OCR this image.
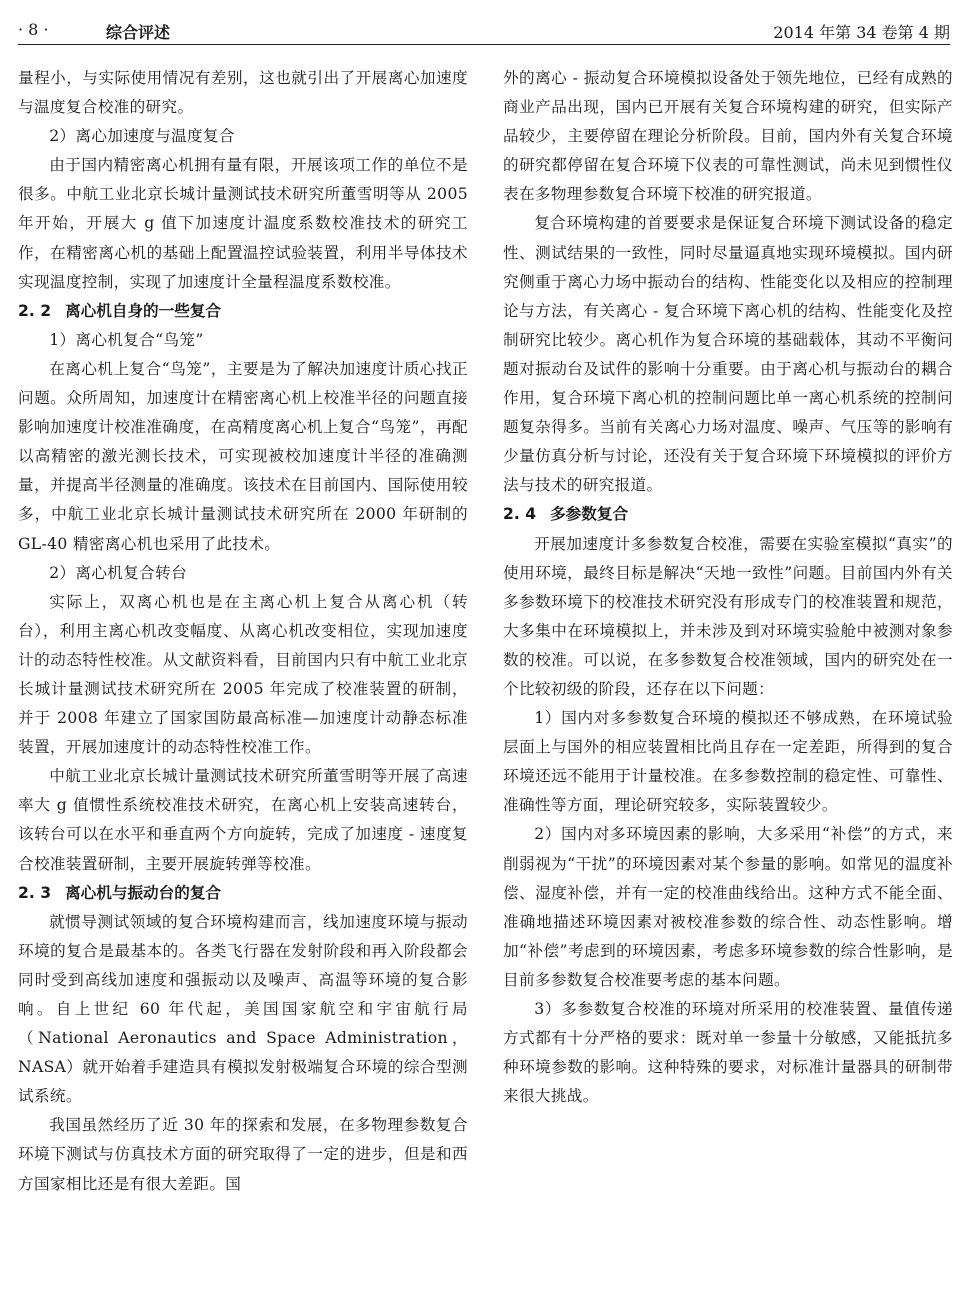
· 8 ·	综合评述	2014 年第 34 卷第 4 期

量程小，与实际使用情况有差别，这也就引出了开展离心加速度与温度复合校准的研究。

2）离心加速度与温度复合

由于国内精密离心机拥有量有限，开展该项工作的单位不是很多。中航工业北京长城计量测试技术研究所董雪明等从 2005 年开始，开展大 g 值下加速度计温度系数校准技术的研究工作，在精密离心机的基础上配置温控试验装置，利用半导体技术实现温度控制，实现了加速度计全量程温度系数校准。

2. 2 离心机自身的一些复合

1）离心机复合“鸟笼”

在离心机上复合“鸟笼”，主要是为了解决加速度计质心找正问题。众所周知，加速度计在精密离心机上校准半径的问题直接影响加速度计校准准确度，在高精度离心机上复合“鸟笼”，再配以高精密的激光测长技术，可实现被校加速度计半径的准确测量，并提高半径测量的准确度。该技术在目前国内、国际使用较多，中航工业北京长城计量测试技术研究所在 2000 年研制的 GL-40 精密离心机也采用了此技术。

2）离心机复合转台

实际上，双离心机也是在主离心机上复合从离心机（转台），利用主离心机改变幅度、从离心机改变相位，实现加速度计的动态特性校准。从文献资料看，目前国内只有中航工业北京长城计量测试技术研究所在 2005 年完成了校准装置的研制，并于 2008 年建立了国家国防最高标准—加速度计动静态标准装置，开展加速度计的动态特性校准工作。

中航工业北京长城计量测试技术研究所董雪明等开展了高速率大 g 值惯性系统校准技术研究，在离心机上安装高速转台，该转台可以在水平和垂直两个方向旋转，完成了加速度 - 速度复合校准装置研制，主要开展旋转弹等校准。

2. 3 离心机与振动台的复合

就惯导测试领域的复合环境构建而言，线加速度环境与振动环境的复合是最基本的。各类飞行器在发射阶段和再入阶段都会同时受到高线加速度和强振动以及噪声、高温等环境的复合影响。自上世纪 60 年代起，美国国家航空和宇宙航行局（National Aeronautics and Space Administration，NASA）就开始着手建造具有模拟发射极端复合环境的综合型测试系统。

我国虽然经历了近 30 年的探索和发展，在多物理参数复合环境下测试与仿真技术方面的研究取得了一定的进步，但是和西方国家相比还是有很大差距。国

外的离心 - 振动复合环境模拟设备处于领先地位，已经有成熟的商业产品出现，国内已开展有关复合环境构建的研究，但实际产品较少，主要停留在理论分析阶段。目前，国内外有关复合环境的研究都停留在复合环境下仪表的可靠性测试，尚未见到惯性仪表在多物理参数复合环境下校准的研究报道。

复合环境构建的首要要求是保证复合环境下测试设备的稳定性、测试结果的一致性，同时尽量逼真地实现环境模拟。国内研究侧重于离心力场中振动台的结构、性能变化以及相应的控制理论与方法，有关离心 - 复合环境下离心机的结构、性能变化及控制研究比较少。离心机作为复合环境的基础载体，其动不平衡问题对振动台及试件的影响十分重要。由于离心机与振动台的耦合作用，复合环境下离心机的控制问题比单一离心机系统的控制问题复杂得多。当前有关离心力场对温度、噪声、气压等的影响有少量仿真分析与讨论，还没有关于复合环境下环境模拟的评价方法与技术的研究报道。

2. 4 多参数复合

开展加速度计多参数复合校准，需要在实验室模拟“真实”的使用环境，最终目标是解决“天地一致性”问题。目前国内外有关多参数环境下的校准技术研究没有形成专门的校准装置和规范，大多集中在环境模拟上，并未涉及到对环境实验舱中被测对象参数的校准。可以说，在多参数复合校准领域，国内的研究处在一个比较初级的阶段，还存在以下问题：

1）国内对多参数复合环境的模拟还不够成熟，在环境试验层面上与国外的相应装置相比尚且存在一定差距，所得到的复合环境还远不能用于计量校准。在多参数控制的稳定性、可靠性、准确性等方面，理论研究较多，实际装置较少。

2）国内对多环境因素的影响，大多采用“补偿”的方式，来削弱视为“干扰”的环境因素对某个参量的影响。如常见的温度补偿、湿度补偿，并有一定的校准曲线给出。这种方式不能全面、准确地描述环境因素对被校准参数的综合性、动态性影响。增加“补偿”考虑到的环境因素，考虑多环境参数的综合性影响，是目前多参数复合校准要考虑的基本问题。

3）多参数复合校准的环境对所采用的校准装置、量值传递方式都有十分严格的要求：既对单一参量十分敏感，又能抵抗多种环境参数的影响。这种特殊的要求，对标准计量器具的研制带来很大挑战。
